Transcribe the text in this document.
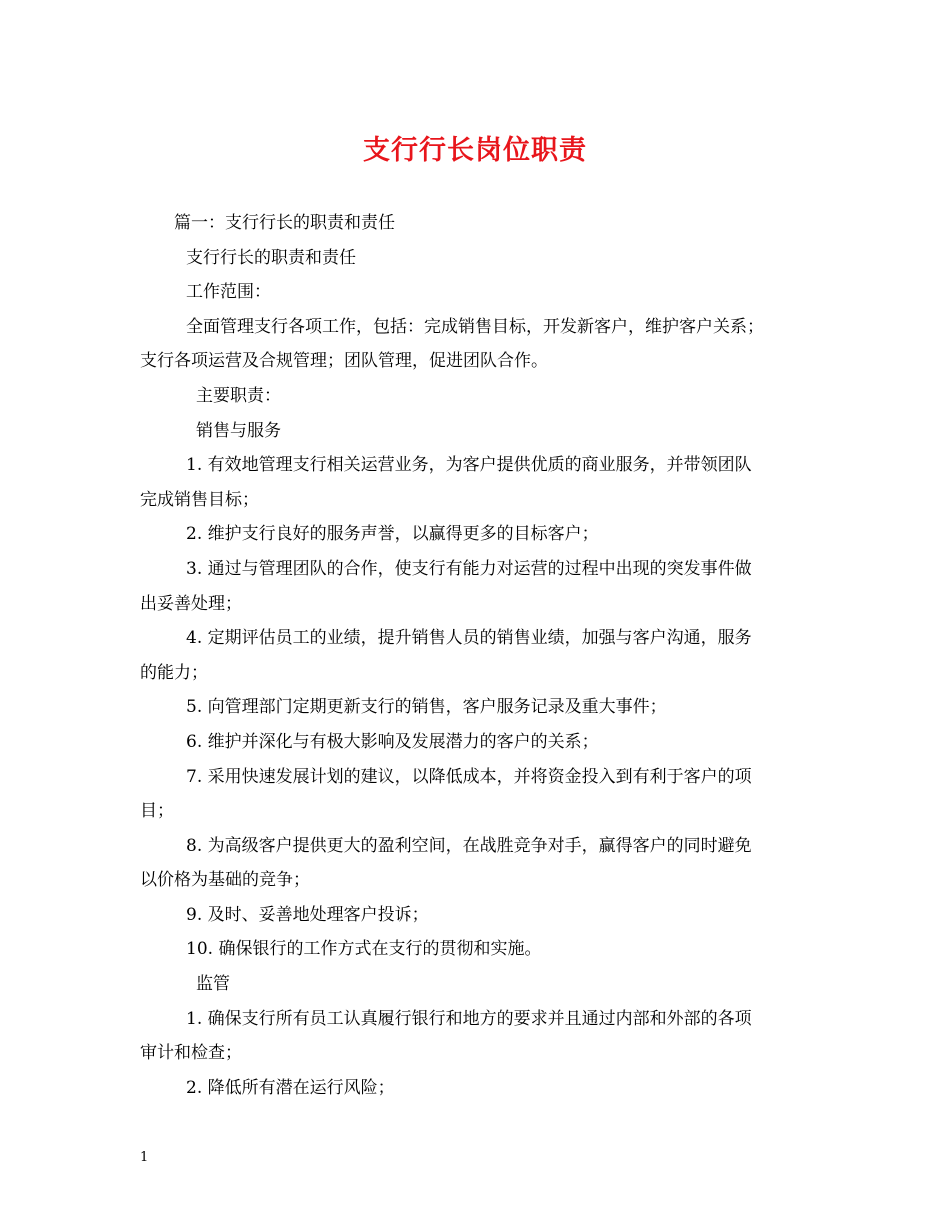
支行行长岗位职责

篇一：支行行长的职责和责任

支行行长的职责和责任

工作范围：

全面管理支行各项工作，包括：完成销售目标，开发新客户，维护客户关系；

支行各项运营及合规管理；团队管理，促进团队合作。

主要职责：

销售与服务

1. 有效地管理支行相关运营业务，为客户提供优质的商业服务，并带领团队

完成销售目标；

2. 维护支行良好的服务声誉，以赢得更多的目标客户；

3. 通过与管理团队的合作，使支行有能力对运营的过程中出现的突发事件做

出妥善处理；

4. 定期评估员工的业绩，提升销售人员的销售业绩，加强与客户沟通，服务

的能力；

5. 向管理部门定期更新支行的销售，客户服务记录及重大事件；

6. 维护并深化与有极大影响及发展潜力的客户的关系；

7. 采用快速发展计划的建议，以降低成本，并将资金投入到有利于客户的项

目；

8. 为高级客户提供更大的盈利空间，在战胜竞争对手，赢得客户的同时避免

以价格为基础的竞争；

9. 及时、妥善地处理客户投诉；

10. 确保银行的工作方式在支行的贯彻和实施。

监管

1. 确保支行所有员工认真履行银行和地方的要求并且通过内部和外部的各项

审计和检查；

2. 降低所有潜在运行风险；

1
